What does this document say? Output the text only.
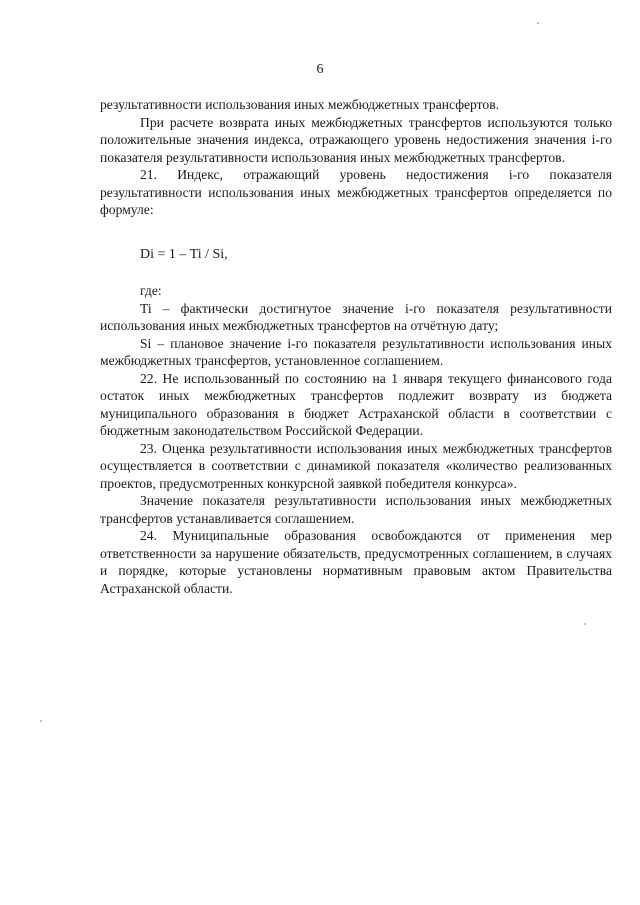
6

результативности использования иных межбюджетных трансфертов.

При расчете возврата иных межбюджетных трансфертов используются только положительные значения индекса, отражающего уровень недостижения значения i-го показателя результативности использования иных межбюджетных трансфертов.

21. Индекс, отражающий уровень недостижения i-го показателя результативности использования иных межбюджетных трансфертов определяется по формуле:

Di = 1 – Ti / Si,

где:

Ti – фактически достигнутое значение i-го показателя результативности использования иных межбюджетных трансфертов на отчётную дату;

Si – плановое значение i-го показателя результативности использования иных межбюджетных трансфертов, установленное соглашением.

22. Не использованный по состоянию на 1 января текущего финансового года остаток иных межбюджетных трансфертов подлежит возврату из бюджета муниципального образования в бюджет Астраханской области в соответствии с бюджетным законодательством Российской Федерации.

23. Оценка результативности использования иных межбюджетных трансфертов осуществляется в соответствии с динамикой показателя «количество реализованных проектов, предусмотренных конкурсной заявкой победителя конкурса».

Значение показателя результативности использования иных межбюджетных трансфертов устанавливается соглашением.

24. Муниципальные образования освобождаются от применения мер ответственности за нарушение обязательств, предусмотренных соглашением, в случаях и порядке, которые установлены нормативным правовым актом Правительства Астраханской области.
